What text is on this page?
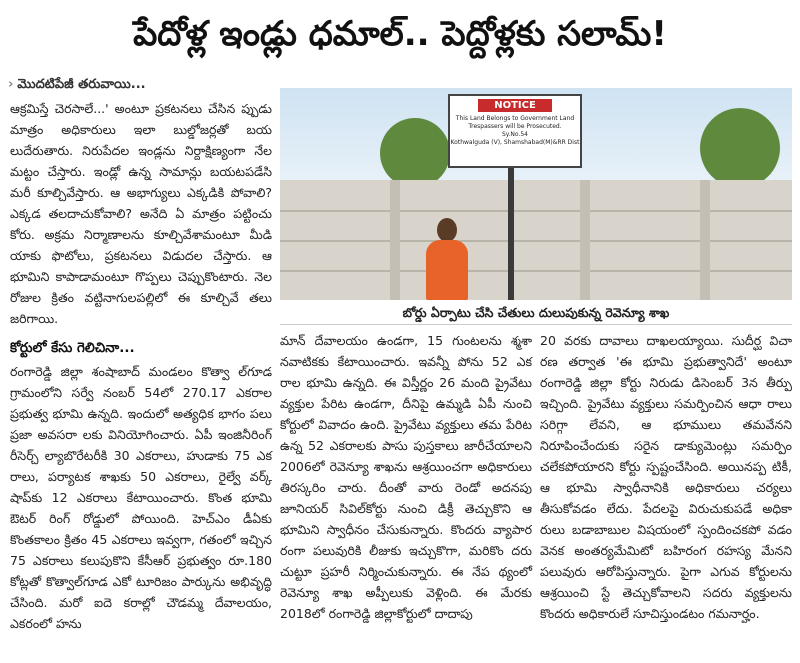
పేదోళ్ల ఇండ్లు ధమాల్.. పెద్దోళ్లకు సలామ్!
› మొదటిపేజీ తరువాయి...

ఆక్రమిస్తే చెరసాలే...' అంటూ ప్రకటనలు చేసిన ప్పుడు మాత్రం అధికారులు ఇలా బుల్డోజర్లతో బయ లుదేరుతారు. నిరుపేదల ఇండ్లను నిర్దాక్షిణ్యంగా నేల మట్టం చేస్తారు. ఇండ్లో ఉన్న సామాన్లు బయటపడేసి మరీ కూల్చివేస్తారు. ఆ అభాగ్యులు ఎక్కడికి పోవాలి? ఎక్కడ తలదాచుకోవాలి? అనేది ఏ మాత్రం పట్టించు కోరు. అక్రమ నిర్మాణాలను కూల్చివేశామంటూ మీడి యాకు ఫొటోలు, ప్రకటనలు విడుదల చేస్తారు. ఆ భూమిని కాపాడామంటూ గొప్పలు చెప్పుకొంటారు. నెల రోజుల క్రితం వట్టినాగులపల్లిలో ఈ కూల్చివే తలు జరిగాయి.

NOTICE
This Land Belongs to Government Land
Trespassers will be Prosecuted.
Sy.No.54
Kothwalguda (V), Shamshabad(M)&RR Dist
బోర్డు ఏర్పాటు చేసి చేతులు దులుపుకున్న రెవెన్యూ శాఖ

కోర్టులో కేసు గెలిచినా...

రంగారెడ్డి జిల్లా శంషాబాద్ మండలం కొత్వా ల్‌గూడ గ్రామంలోని సర్వే నంబర్ 54లో 270.17 ఎకరాల ప్రభుత్వ భూమి ఉన్నది. ఇందులో అత్యధిక భాగం పలు ప్రజా అవసరా లకు వినియోగించారు. ఏపీ ఇంజినీరింగ్ రీసెర్చ్ ల్యాబొరేటరీకి 30 ఎకరాలు, హుడాకు 75 ఎక రాలు, పర్యాటక శాఖకు 50 ఎకరాలు, రైల్వే వర్క్ షాప్‌కు 12 ఎకరాలు కేటాయించారు. కొంత భూమి ఔటర్ రింగ్ రోడ్డులో పోయింది. హెచ్‌ఎం డీఏకు కొంతకాలం క్రితం 45 ఎకరాలు ఇవ్వగా, గతంలో ఇచ్చిన 75 ఎకరాలు కలుపుకొని కేసీఆర్ ప్రభుత్వం రూ.180 కోట్లతో కొత్వాల్‌గూడ ఎకో టూరిజం పార్కును అభివృద్ధి చేసింది. మరో ఐదె కరాల్లో చౌడమ్మ దేవాలయం, ఎకరంలో హను

మాన్ దేవాలయం ఉండగా, 15 గుంటలను శ్మశా నవాటికకు కేటాయించారు. ఇవన్నీ పోను 52 ఎక రాల భూమి ఉన్నది. ఈ విస్తీర్ణం 26 మంది ప్రైవేటు వ్యక్తుల పేరిట ఉండగా, దీనిపై ఉమ్మడి ఏపీ నుంచి కోర్టులో వివాదం ఉంది. ప్రైవేటు వ్యక్తులు తమ పేరిట ఉన్న 52 ఎకరాలకు పాసు పుస్తకాలు జారీచేయాలని 2006లో రెవెన్యూ శాఖను ఆశ్రయించగా అధికారులు తిరస్కరిం చారు. దీంతో వారు రెండో అదనపు జూనియర్ సివిల్‌కోర్టు నుంచి డిక్రీ తెచ్చుకొని ఆ భూమిని స్వాధీనం చేసుకున్నారు. కొందరు వ్యాపార రంగా పలువురికి లీజుకు ఇచ్చుకొగా, మరికొం దరు చుట్టూ ప్రహరీ నిర్మించుకున్నారు. ఈ నేప థ్యంలో రెవెన్యూ శాఖ అప్పీలుకు వెళ్లింది. ఈ మేరకు 2018లో రంగారెడ్డి జిల్లాకోర్టులో దాదాపు

20 వరకు దావాలు దాఖలయ్యాయి. సుదీర్ఘ విచా రణ తర్వాత 'ఈ భూమి ప్రభుత్వానిదే' అంటూ రంగారెడ్డి జిల్లా కోర్టు నిరుడు డిసెంబర్ 3న తీర్పు ఇచ్చింది. ప్రైవేటు వ్యక్తులు సమర్పించిన ఆధా రాలు సరిగ్గా లేవని, ఆ భూములు తమవేనని నిరూపించేందుకు సరైన డాక్యుమెంట్లు సమర్పిం చలేకపోయారని కోర్టు స్పష్టంచేసింది. అయినప్ప టికీ, ఆ భూమి స్వాధీనానికి అధికారులు చర్యలు తీసుకోవడం లేదు. పేదలపై విరుచుకుపడే అధికా రులు బడాబాబుల విషయంలో స్పందించకపో వడం వెనక అంతర్యమేమిటో బహిరంగ రహస్య మేనని పలువురు ఆరోపిస్తున్నారు. పైగా ఎగువ కోర్టులను ఆశ్రయించి స్టే తెచ్చుకోవాలని సదరు వ్యక్తులను కొందరు అధికారులే సూచిస్తుండటం గమనార్హం.
